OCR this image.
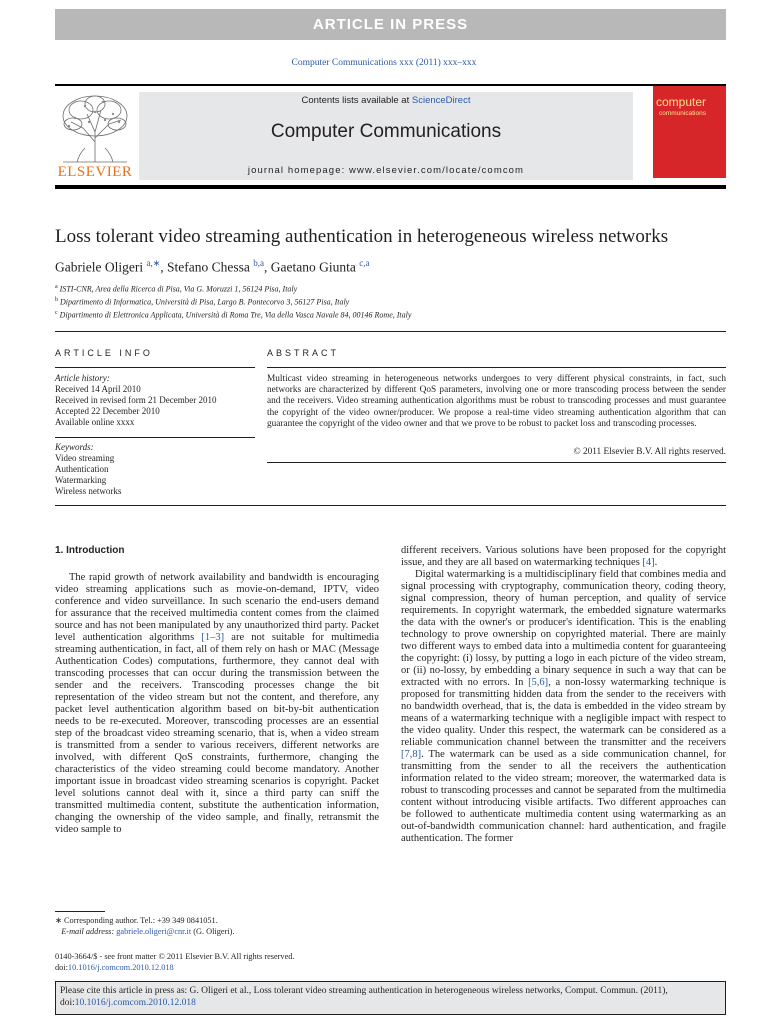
ARTICLE IN PRESS
Computer Communications xxx (2011) xxx–xxx
ELSEVIER
Contents lists available at ScienceDirect
Computer Communications
journal homepage: www.elsevier.com/locate/comcom
computer
communications
Loss tolerant video streaming authentication in heterogeneous wireless networks
Gabriele Oligeri $^{a,∗}$, Stefano Chessa $^{b,a}$, Gaetano Giunta $^{c,a}$
$^a$ ISTI-CNR, Area della Ricerca di Pisa, Via G. Moruzzi 1, 56124 Pisa, Italy
$^b$ Dipartimento di Informatica, Università di Pisa, Largo B. Pontecorvo 3, 56127 Pisa, Italy
$^c$ Dipartimento di Elettronica Applicata, Università di Roma Tre, Via della Vasca Navale 84, 00146 Rome, Italy
ARTICLE INFO	ABSTRACT
Article history:
Received 14 April 2010
Received in revised form 21 December 2010
Accepted 22 December 2010
Available online xxxx
Keywords:
Video streaming
Authentication
Watermarking
Wireless networks
Multicast video streaming in heterogeneous networks undergoes to very different physical constraints, in fact, such networks are characterized by different QoS parameters, involving one or more transcoding process between the sender and the receivers. Video streaming authentication algorithms must be robust to transcoding processes and must guarantee the copyright of the video owner/producer. We propose a real-time video streaming authentication algorithm that can guarantee the copyright of the video owner and that we prove to be robust to packet loss and transcoding processes.
© 2011 Elsevier B.V. All rights reserved.
1. Introduction

The rapid growth of network availability and bandwidth is encouraging video streaming applications such as movie-on-demand, IPTV, video conference and video surveillance. In such scenario the end-users demand for assurance that the received multimedia content comes from the claimed source and has not been manipulated by any unauthorized third party. Packet level authentication algorithms [1–3] are not suitable for multimedia streaming authentication, in fact, all of them rely on hash or MAC (Message Authentication Codes) computations, furthermore, they cannot deal with transcoding processes that can occur during the transmission between the sender and the receivers. Transcoding processes change the bit representation of the video stream but not the content, and therefore, any packet level authentication algorithm based on bit-by-bit authentication needs to be re-executed. Moreover, transcoding processes are an essential step of the broadcast video streaming scenario, that is, when a video stream is transmitted from a sender to various receivers, different networks are involved, with different QoS constraints, furthermore, changing the characteristics of the video streaming could become mandatory. Another important issue in broadcast video streaming scenarios is copyright. Packet level solutions cannot deal with it, since a third party can sniff the transmitted multimedia content, substitute the authentication information, changing the ownership of the video sample, and finally, retransmit the video sample to

different receivers. Various solutions have been proposed for the copyright issue, and they are all based on watermarking techniques [4].

Digital watermarking is a multidisciplinary field that combines media and signal processing with cryptography, communication theory, coding theory, signal compression, theory of human perception, and quality of service requirements. In copyright watermark, the embedded signature watermarks the data with the owner's or producer's identification. This is the enabling technology to prove ownership on copyrighted material. There are mainly two different ways to embed data into a multimedia content for guaranteeing the copyright: (i) lossy, by putting a logo in each picture of the video stream, or (ii) no-lossy, by embedding a binary sequence in such a way that can be extracted with no errors. In [5,6], a non-lossy watermarking technique is proposed for transmitting hidden data from the sender to the receivers with no bandwidth overhead, that is, the data is embedded in the video stream by means of a watermarking technique with a negligible impact with respect to the video quality. Under this respect, the watermark can be considered as a reliable communication channel between the transmitter and the receivers [7,8]. The watermark can be used as a side communication channel, for transmitting from the sender to all the receivers the authentication information related to the video stream; moreover, the watermarked data is robust to transcoding processes and cannot be separated from the multimedia content without introducing visible artifacts. Two different approaches can be followed to authenticate multimedia content using watermarking as an out-of-bandwidth communication channel: hard authentication, and fragile authentication. The former

∗ Corresponding author. Tel.: +39 349 0841051.
E-mail address: gabriele.oligeri@cnr.it (G. Oligeri).
0140-3664/$ - see front matter © 2011 Elsevier B.V. All rights reserved.
doi:10.1016/j.comcom.2010.12.018
Please cite this article in press as: G. Oligeri et al., Loss tolerant video streaming authentication in heterogeneous wireless networks, Comput. Commun. (2011), doi:10.1016/j.comcom.2010.12.018
